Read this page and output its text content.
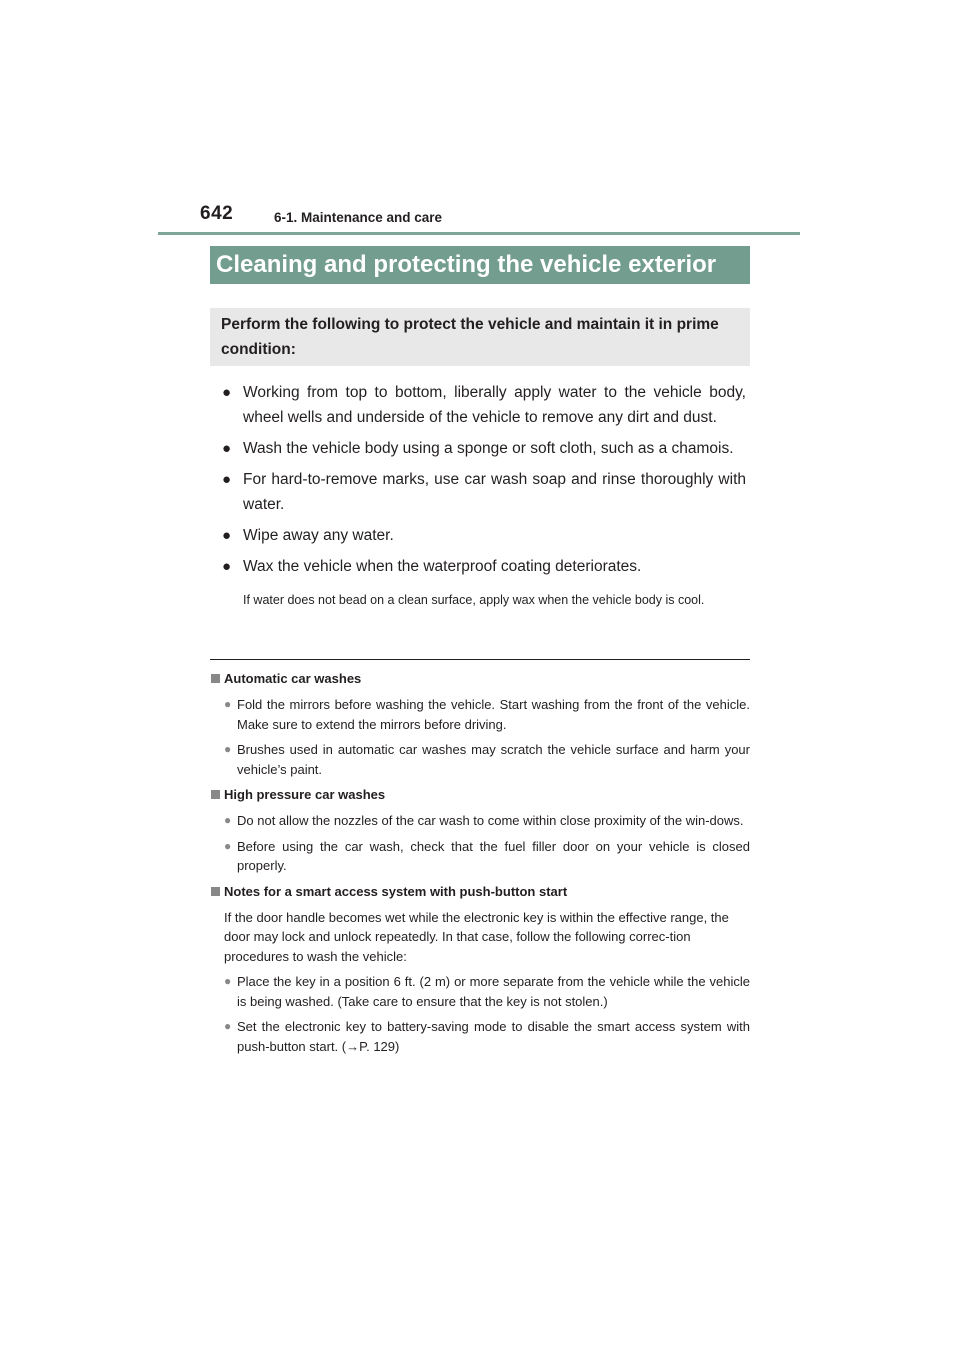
642	6-1. Maintenance and care
Cleaning and protecting the vehicle exterior
Perform the following to protect the vehicle and maintain it in prime condition:
● Working from top to bottom, liberally apply water to the vehicle body, wheel wells and underside of the vehicle to remove any dirt and dust.
● Wash the vehicle body using a sponge or soft cloth, such as a chamois.
● For hard-to-remove marks, use car wash soap and rinse thoroughly with water.
● Wipe away any water.
● Wax the vehicle when the waterproof coating deteriorates.
If water does not bead on a clean surface, apply wax when the vehicle body is cool.
Automatic car washes
● Fold the mirrors before washing the vehicle. Start washing from the front of the vehicle. Make sure to extend the mirrors before driving.
● Brushes used in automatic car washes may scratch the vehicle surface and harm your vehicle’s paint.
High pressure car washes
● Do not allow the nozzles of the car wash to come within close proximity of the win-dows.
● Before using the car wash, check that the fuel filler door on your vehicle is closed properly.
Notes for a smart access system with push-button start
If the door handle becomes wet while the electronic key is within the effective range, the door may lock and unlock repeatedly. In that case, follow the following correc-tion procedures to wash the vehicle:
● Place the key in a position 6 ft. (2 m) or more separate from the vehicle while the vehicle is being washed. (Take care to ensure that the key is not stolen.)
● Set the electronic key to battery-saving mode to disable the smart access system with push-button start. (→P. 129)
